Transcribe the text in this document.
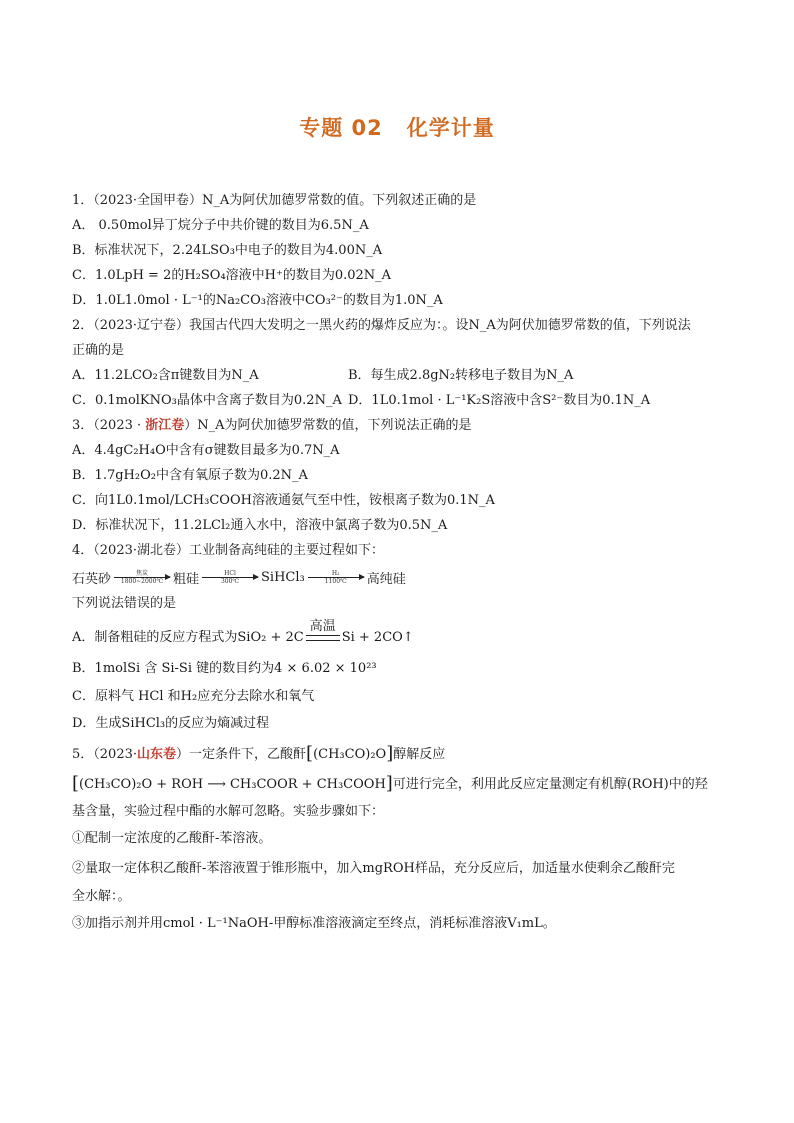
专题 02 化学计量
1．（2023·全国甲卷）N_A为阿伏加德罗常数的值。下列叙述正确的是
A． 0.50mol异丁烷分子中共价键的数目为6.5N_A
B．标准状况下，2.24LSO₃中电子的数目为4.00N_A
C．1.0LpH = 2的H₂SO₄溶液中H⁺的数目为0.02N_A
D．1.0L1.0mol · L⁻¹的Na₂CO₃溶液中CO₃²⁻的数目为1.0N_A
2．（2023·辽宁卷）我国古代四大发明之一黑火药的爆炸反应为：。设N_A为阿伏加德罗常数的值，下列说法
正确的是
A．11.2LCO₂含π键数目为N_A	B．每生成2.8gN₂转移电子数目为N_A
C．0.1molKNO₃晶体中含离子数目为0.2N_A D．1L0.1mol · L⁻¹K₂S溶液中含S²⁻数目为0.1N_A
3．（2023 · 浙江卷）N_A为阿伏加德罗常数的值，下列说法正确的是
A．4.4gC₂H₄O中含有σ键数目最多为0.7N_A
B．1.7gH₂O₂中含有氧原子数为0.2N_A
C．向1L0.1mol/LCH₃COOH溶液通氨气至中性，铵根离子数为0.1N_A
D．标准状况下，11.2LCl₂通入水中，溶液中氯离子数为0.5N_A
4．（2023·湖北卷）工业制备高纯硅的主要过程如下：
石英砂	焦炭
1800~2000℃ 粗硅	HCl
300℃ SiHCl₃	H₂
1100℃ 高纯硅
下列说法错误的是
A．制备粗硅的反应方程式为SiO₂ + 2C
高温
Si + 2CO↑
B．1molSi 含 Si-Si 键的数目约为4 × 6.02 × 10²³
C．原料气 HCl 和H₂应充分去除水和氧气
D．生成SiHCl₃的反应为熵减过程
5．（2023·山东卷）一定条件下，乙酸酐[(CH₃CO)₂O]醇解反应
[(CH₃CO)₂O + ROH ⟶ CH₃COOR + CH₃COOH]可进行完全，利用此反应定量测定有机醇(ROH)中的羟
基含量，实验过程中酯的水解可忽略。实验步骤如下：
①配制一定浓度的乙酸酐-苯溶液。
②量取一定体积乙酸酐-苯溶液置于锥形瓶中，加入mgROH样品，充分反应后，加适量水使剩余乙酸酐完
全水解：。
③加指示剂并用cmol · L⁻¹NaOH-甲醇标准溶液滴定至终点，消耗标准溶液V₁mL。
